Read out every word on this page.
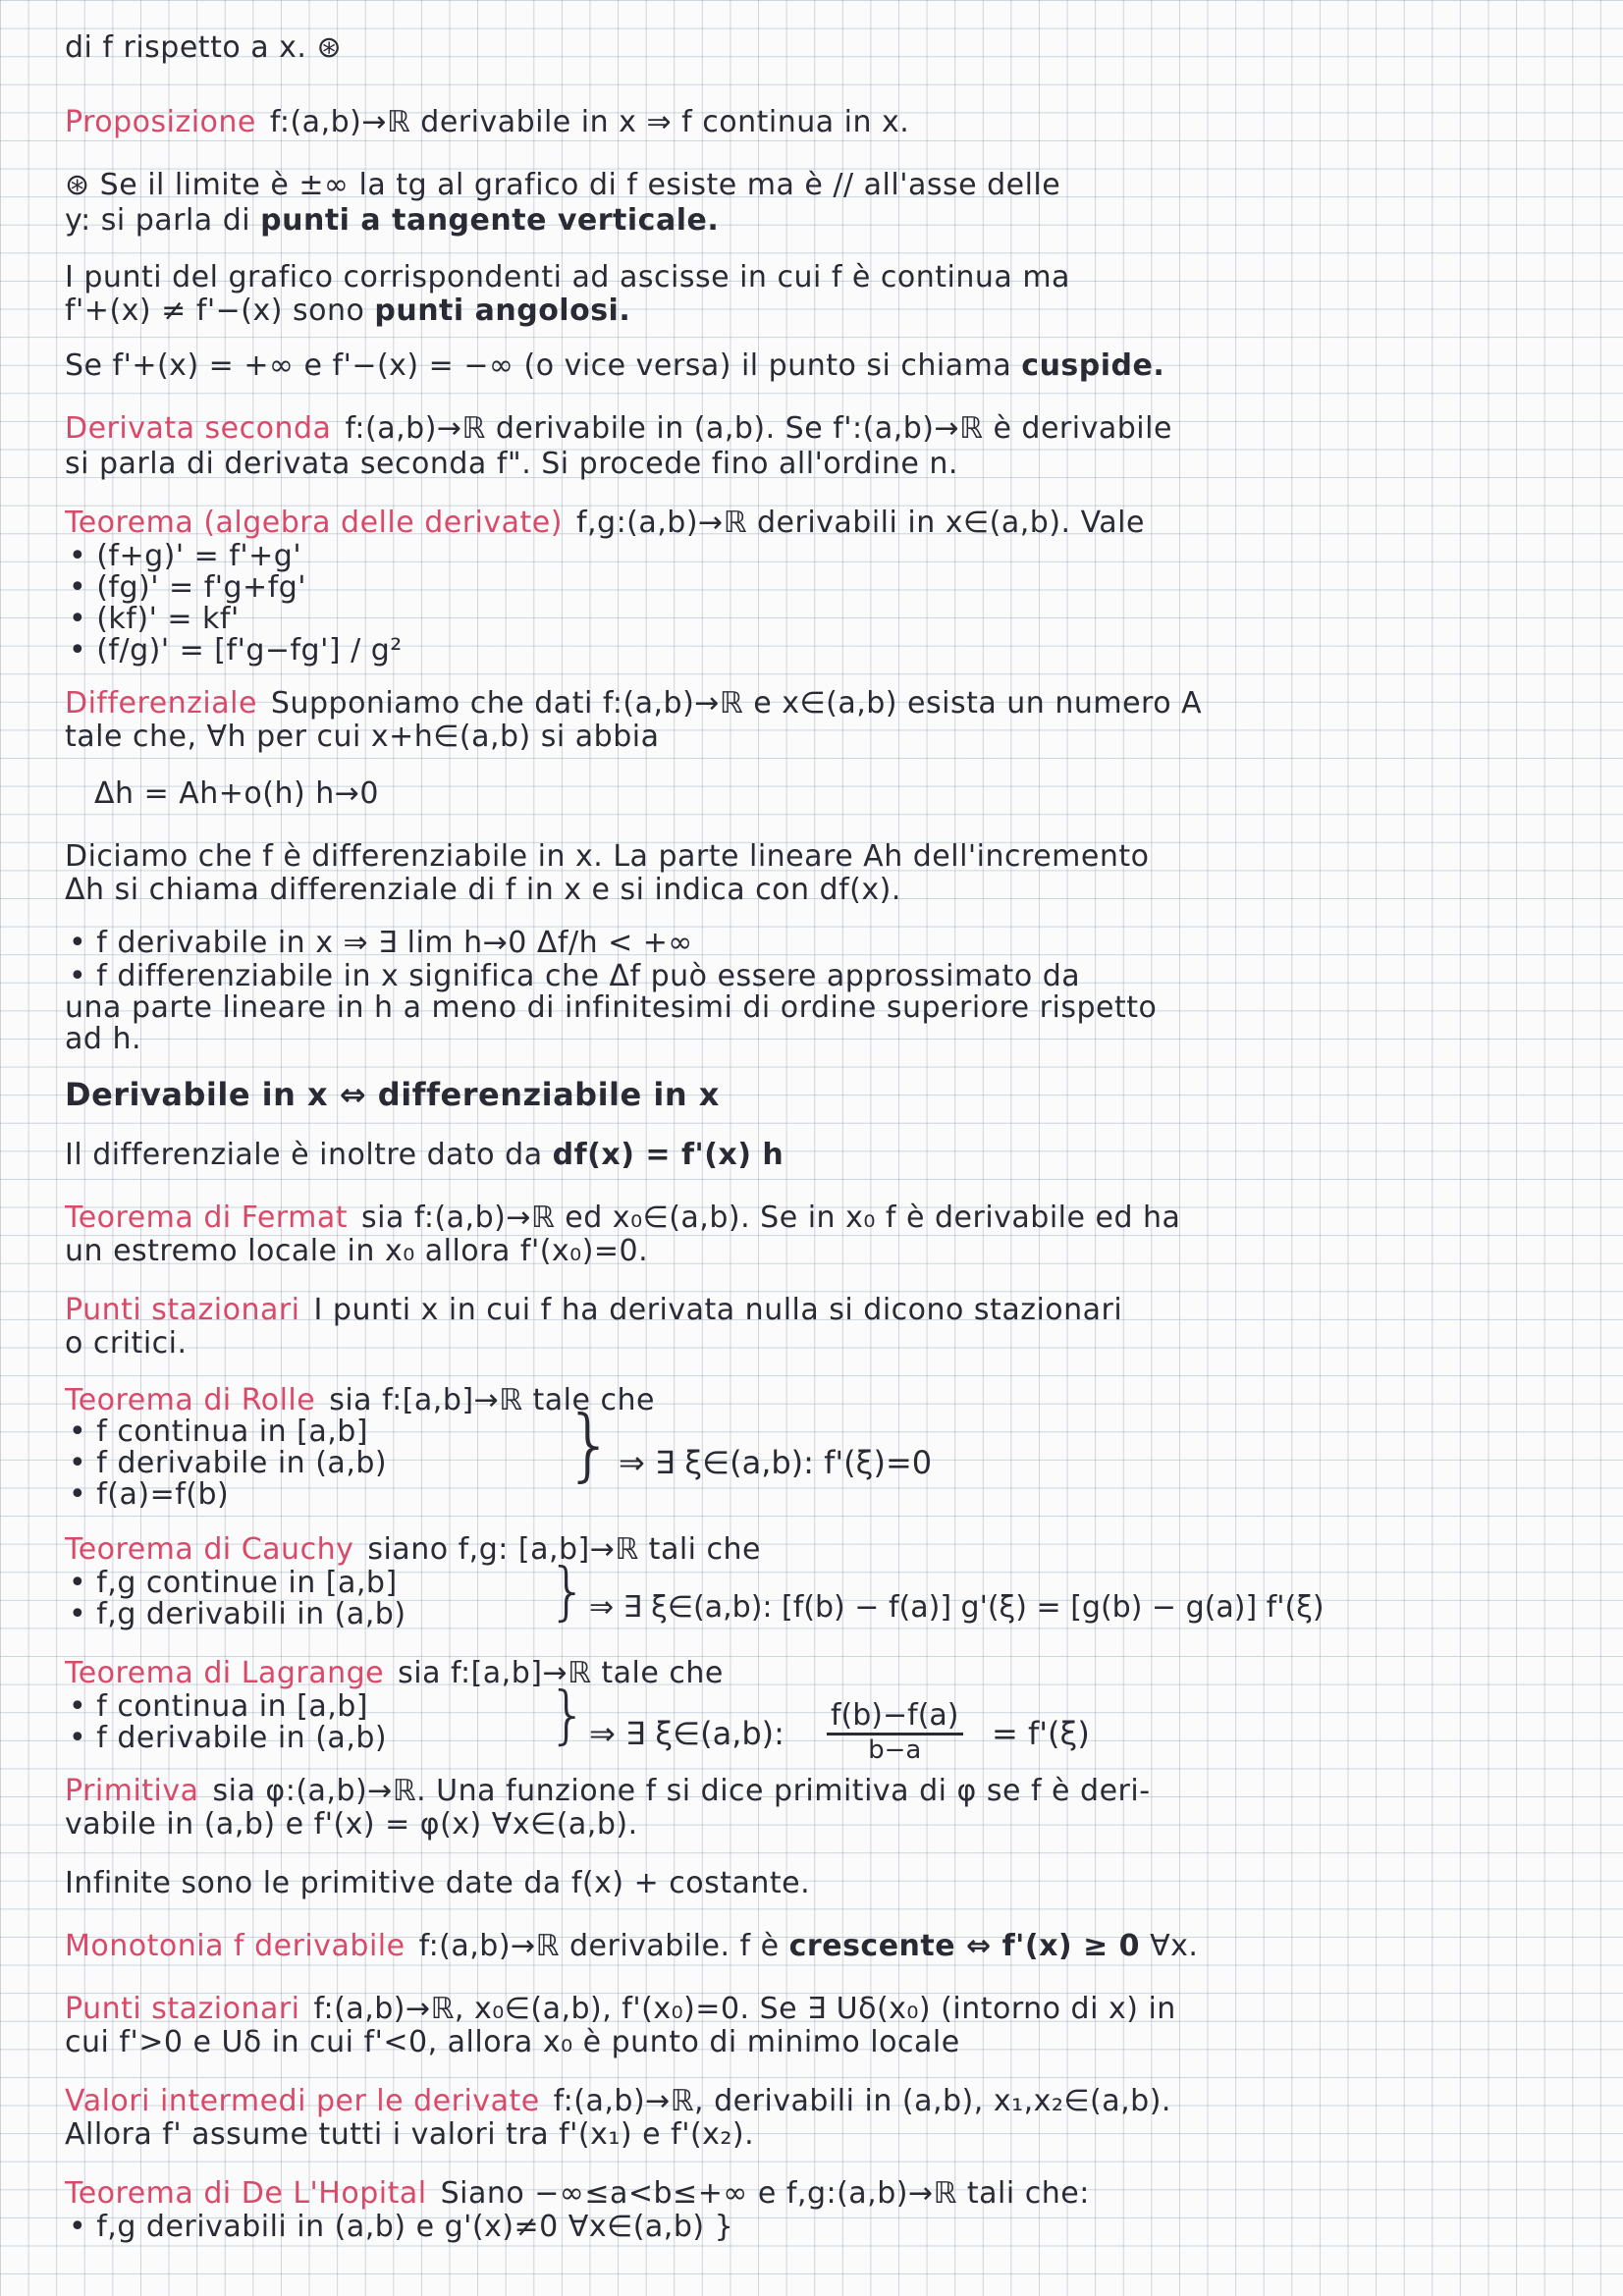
di f rispetto a x. ⊛
Proposizione f:(a,b)→ℝ derivabile in x ⇒ f continua in x.
⊛ Se il limite è ±∞ la tg al grafico di f esiste ma è // all'asse delle
y: si parla di punti a tangente verticale.
I punti del grafico corrispondenti ad ascisse in cui f è continua ma
f'+(x) ≠ f'−(x) sono punti angolosi.
Se f'+(x) = +∞ e f'−(x) = −∞ (o vice versa) il punto si chiama cuspide.
Derivata seconda f:(a,b)→ℝ derivabile in (a,b). Se f':(a,b)→ℝ è derivabile
si parla di derivata seconda f". Si procede fino all'ordine n.
Teorema (algebra delle derivate) f,g:(a,b)→ℝ derivabili in x∈(a,b). Vale
• (f+g)' = f'+g'
• (fg)' = f'g+fg'
• (kf)' = kf'
• (f/g)' = [f'g−fg'] / g²
Differenziale Supponiamo che dati f:(a,b)→ℝ e x∈(a,b) esista un numero A
tale che, ∀h per cui x+h∈(a,b) si abbia
Δh = Ah+o(h) h→0
Diciamo che f è differenziabile in x. La parte lineare Ah dell'incremento
Δh si chiama differenziale di f in x e si indica con df(x).
• f derivabile in x ⇒ ∃ lim h→0 Δf/h < +∞
• f differenziabile in x significa che Δf può essere approssimato da
una parte lineare in h a meno di infinitesimi di ordine superiore rispetto
ad h.
Derivabile in x ⇔ differenziabile in x
Il differenziale è inoltre dato da df(x) = f'(x) h
Teorema di Fermat sia f:(a,b)→ℝ ed x₀∈(a,b). Se in x₀ f è derivabile ed ha
un estremo locale in x₀ allora f'(x₀)=0.
Punti stazionari I punti x in cui f ha derivata nulla si dicono stazionari
o critici.
Teorema di Rolle sia f:[a,b]→ℝ tale che
• f continua in [a,b]
• f derivabile in (a,b)
• f(a)=f(b)
} ⇒ ∃ ξ∈(a,b): f'(ξ)=0
Teorema di Cauchy siano f,g: [a,b]→ℝ tali che
• f,g continue in [a,b]
• f,g derivabili in (a,b)	} ⇒ ∃ ξ∈(a,b): [f(b) − f(a)] g'(ξ) = [g(b) − g(a)] f'(ξ)
Teorema di Lagrange sia f:[a,b]→ℝ tale che
• f continua in [a,b]
• f derivabile in (a,b)	} ⇒ ∃ ξ∈(a,b): $\frac{f(b)-f(a)}{b-a} = f'(\xi)$
Primitiva sia φ:(a,b)→ℝ. Una funzione f si dice primitiva di φ se f è deri-
vabile in (a,b) e f'(x) = φ(x) ∀x∈(a,b).
Infinite sono le primitive date da f(x) + costante.
Monotonia f derivabile f:(a,b)→ℝ derivabile. f è crescente ⇔ f'(x) ≥ 0 ∀x.
Punti stazionari f:(a,b)→ℝ, x₀∈(a,b), f'(x₀)=0. Se ∃ Uδ(x₀) (intorno di x) in
cui f'>0 e Uδ in cui f'<0, allora x₀ è punto di minimo locale
Valori intermedi per le derivate f:(a,b)→ℝ, derivabili in (a,b), x₁,x₂∈(a,b).
Allora f' assume tutti i valori tra f'(x₁) e f'(x₂).
Teorema di De L'Hopital Siano −∞≤a<b≤+∞ e f,g:(a,b)→ℝ tali che:
• f,g derivabili in (a,b) e g'(x)≠0 ∀x∈(a,b) }
